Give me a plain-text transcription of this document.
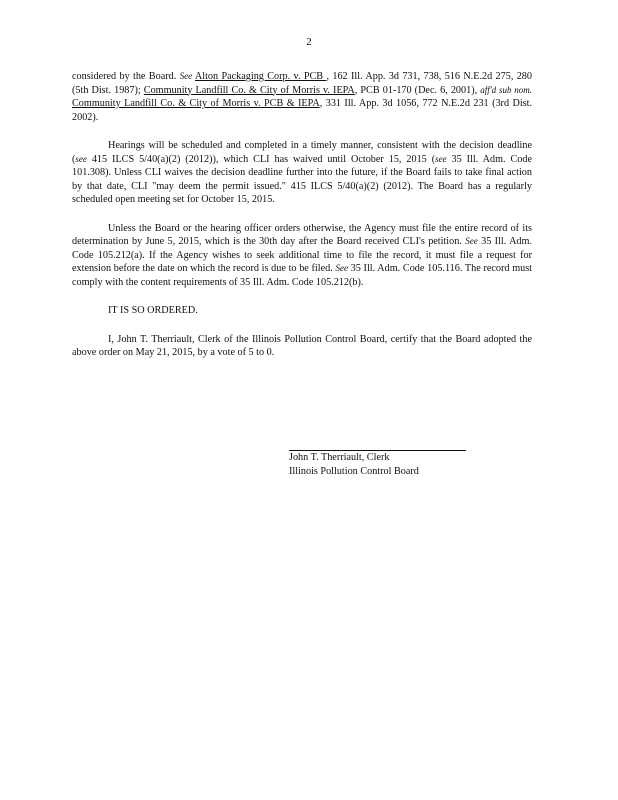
2

considered by the Board. See Alton Packaging Corp. v. PCB , 162 Ill. App. 3d 731, 738, 516 N.E.2d 275, 280 (5th Dist. 1987); Community Landfill Co. & City of Morris v. IEPA, PCB 01-170 (Dec. 6, 2001), aff'd sub nom. Community Landfill Co. & City of Morris v. PCB & IEPA, 331 Ill. App. 3d 1056, 772 N.E.2d 231 (3rd Dist. 2002).

Hearings will be scheduled and completed in a timely manner, consistent with the decision deadline (see 415 ILCS 5/40(a)(2) (2012)), which CLI has waived until October 15, 2015 (see 35 Ill. Adm. Code 101.308). Unless CLI waives the decision deadline further into the future, if the Board fails to take final action by that date, CLI "may deem the permit issued." 415 ILCS 5/40(a)(2) (2012). The Board has a regularly scheduled open meeting set for October 15, 2015.

Unless the Board or the hearing officer orders otherwise, the Agency must file the entire record of its determination by June 5, 2015, which is the 30th day after the Board received CLI's petition. See 35 Ill. Adm. Code 105.212(a). If the Agency wishes to seek additional time to file the record, it must file a request for extension before the date on which the record is due to be filed. See 35 Ill. Adm. Code 105.116. The record must comply with the content requirements of 35 Ill. Adm. Code 105.212(b).

IT IS SO ORDERED.

I, John T. Therriault, Clerk of the Illinois Pollution Control Board, certify that the Board adopted the above order on May 21, 2015, by a vote of 5 to 0.

John T. Therriault, Clerk
Illinois Pollution Control Board
